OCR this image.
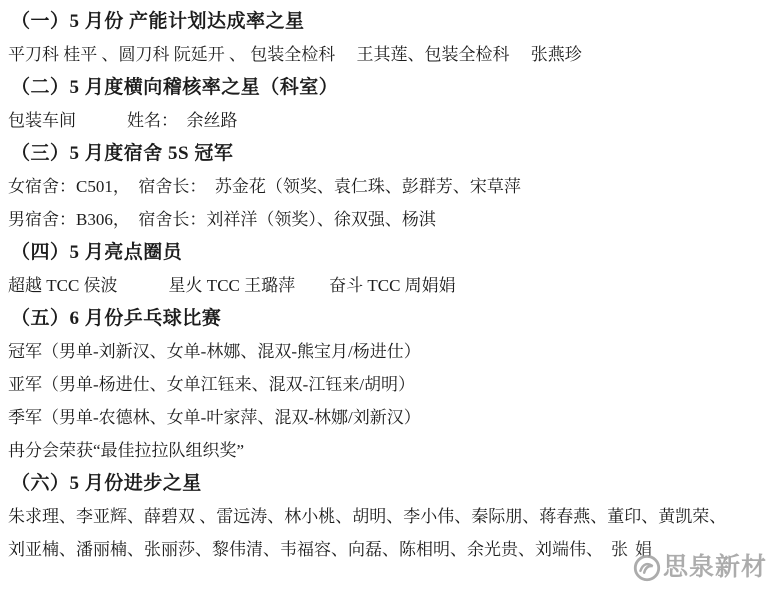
（一）5 月份 产能计划达成率之星
平刀科 桂平 、圆刀科 阮延开 、 包装全检科　 王其莲、包装全检科　 张燕珍
（二）5 月度横向稽核率之星（科室）
包装车间　　　姓名：　余丝路
（三）5 月度宿舍 5S 冠军
女宿舍：C501，　宿舍长：　苏金花（领奖、袁仁珠、彭群芳、宋草萍
男宿舍：B306，　宿舍长：刘祥洋（领奖）、徐双强、杨淇
（四）5 月亮点圈员
超越 TCC 侯波　　　星火 TCC 王璐萍　　奋斗 TCC 周娟娟
（五）6 月份乒乓球比赛
冠军（男单-刘新汉、女单-林娜、混双-熊宝月/杨进仕）
亚军（男单-杨进仕、女单江钰来、混双-江钰来/胡明）
季军（男单-农德林、女单-叶家萍、混双-林娜/刘新汉）
冉分会荣获“最佳拉拉队组织奖”
（六）5 月份进步之星
朱求理、李亚辉、薛碧双 、雷远涛、林小桃、胡明、李小伟、秦际朋、蒋春燕、董印、黄凯荣、
刘亚楠、潘丽楠、张丽莎、黎伟清、韦福容、向磊、陈相明、余光贵、刘端伟、 张娟
思泉新材
